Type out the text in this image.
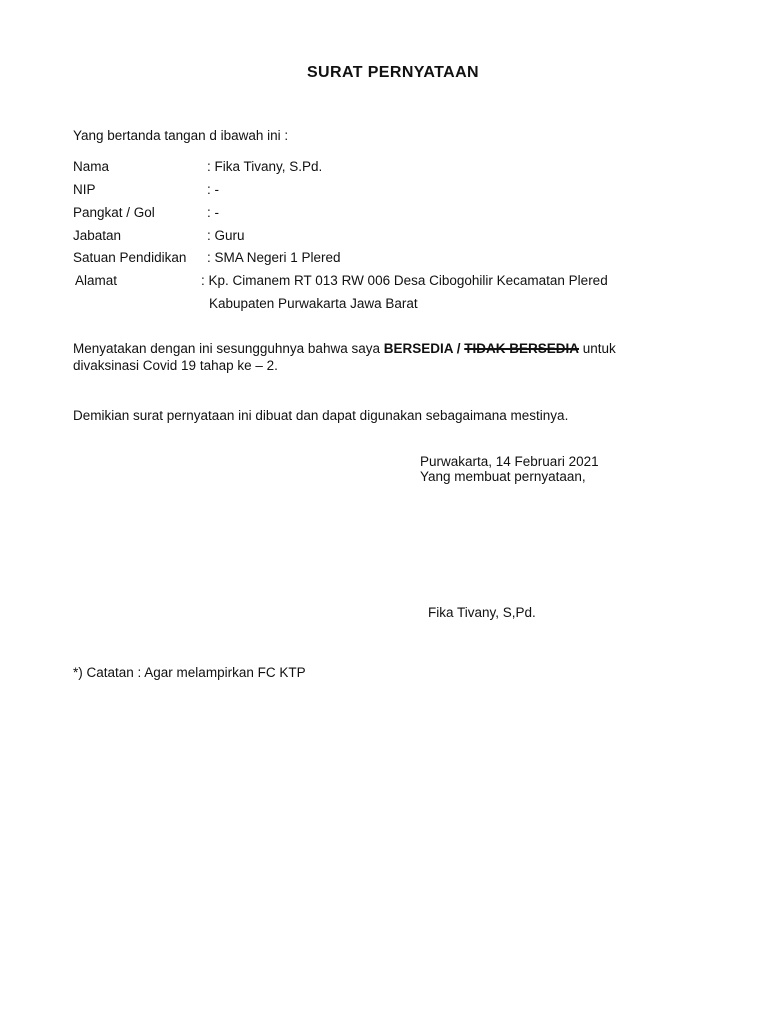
SURAT PERNYATAAN
Yang bertanda tangan d ibawah ini :
Nama	: Fika Tivany, S.Pd.
NIP	: -
Pangkat / Gol	: -
Jabatan	: Guru
Satuan Pendidikan : SMA Negeri 1 Plered
Alamat	: Kp. Cimanem RT 013 RW 006 Desa Cibogohilir Kecamatan Plered
Kabupaten Purwakarta Jawa Barat
Menyatakan dengan ini sesungguhnya bahwa saya BERSEDIA / TIDAK BERSEDIA untuk
divaksinasi Covid 19 tahap ke – 2.
Demikian surat pernyataan ini dibuat dan dapat digunakan sebagaimana mestinya.
Purwakarta, 14 Februari 2021
Yang membuat pernyataan,
Fika Tivany, S,Pd.
*) Catatan : Agar melampirkan FC KTP
